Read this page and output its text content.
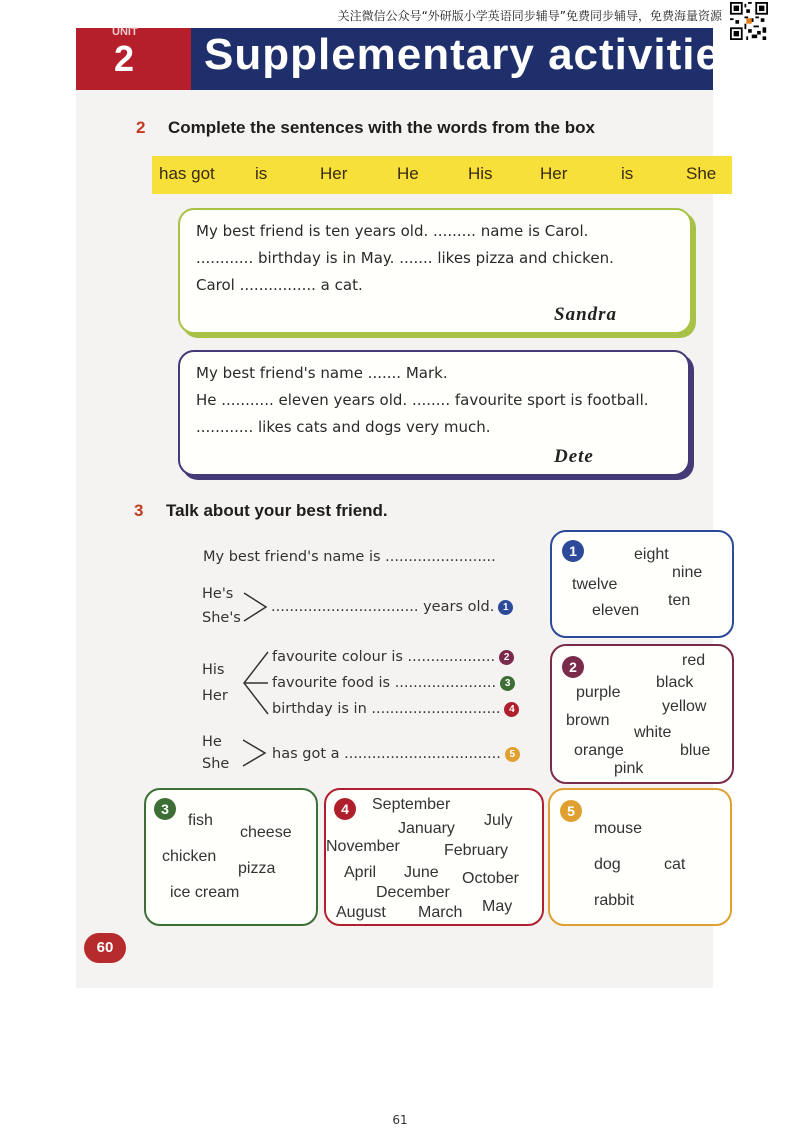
关注微信公众号“外研版小学英语同步辅导”免费同步辅导，免费海量资源
UNIT
2 Supplementary activities
2 Complete the sentences with the words from the box
has got is	Her	He	His	Her	is	She
My best friend is ten years old. ......... name is Carol.
............ birthday is in May. ....... likes pizza and chicken.
Carol ................ a cat.
Sandra
My best friend's name ....... Mark.
He ........... eleven years old. ........ favourite sport is football.
............ likes cats and dogs very much.
Dete
3 Talk about your best friend.
My best friend's name is ........................
He's
She's
................................ years old. 1
His
Her
favourite colour is ................... 2
favourite food is ...................... 3
birthday is in ............................ 4
He
She
has got a .................................. 5
1	eight
nine
twelve
ten
eleven
2	red
black
purple
yellow
brown
white
orange	blue
pink
3
fish
cheese
chicken
pizza
ice cream
4	September
July
January
November	February
April June October
December
August March May
5
mouse
dog	cat
rabbit
60
61
